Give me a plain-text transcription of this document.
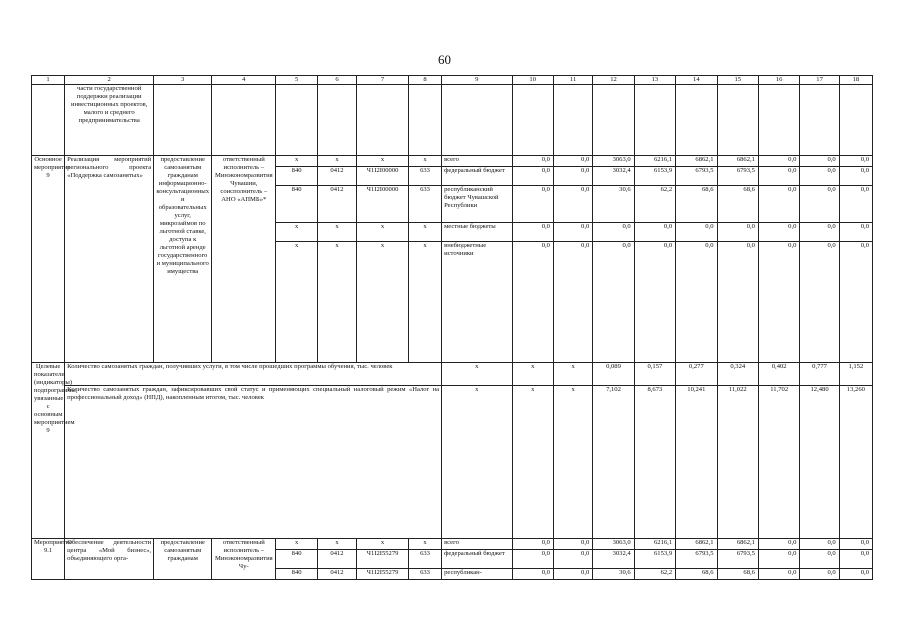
60
1	2	3	4	5	6	7	8	9	10	11	12	13	14	15	16	17	18
	части государственной поддержки реализации инвестиционных проектов, малого и среднего предпринимательства																
Основное мероприятие 9	Реализация мероприятий регионального проекта «Поддержка самозанятых»	предоставление самозанятым гражданам информационно-консультационных и образовательных услуг, микрозаймов по льготной ставке, доступа к льготной аренде государственного и муниципального имущества	ответственный исполнитель – Минэкономразвития Чувашии, соисполнитель – АНО «АПМБ»*	x	x	x	x	всего	0,0	0,0	3063,0	6216,1	6862,1	6862,1	0,0	0,0	0,0
				840	0412	Ч1I2I00000	633	федеральный бюджет	0,0	0,0	3032,4	6153,9	6793,5	6793,5	0,0	0,0	0,0
				840	0412	Ч1I2I00000	633	республиканский бюджет Чувашской Республики	0,0	0,0	30,6	62,2	68,6	68,6	0,0	0,0	0,0
				x	x	x	x	местные бюджеты	0,0	0,0	0,0	0,0	0,0	0,0	0,0	0,0	0,0
				x	x	x	x	внебюджетные источники	0,0	0,0	0,0	0,0	0,0	0,0	0,0	0,0	0,0
Целевые показатели (индикаторы) подпрограммы, увязанные с основным мероприятием 9	Количество самозанятых граждан, получивших услуги, в том числе прошедших программы обучения, тыс. человек							x	x	x	0,089	0,157	0,277	0,324	0,402	0,777	1,152
	Количество самозанятых граждан, зафиксировавших свой статус и применяющих специальный налоговый режим «Налог на профессиональный доход» (НПД), накопленным итогом, тыс. человек							x	x	x	7,102	8,673	10,241	11,022	11,702	12,480	13,260
Мероприятие 9.1	Обеспечение деятельности центра «Мой бизнес», объединяющего орга-	предоставление самозанятым гражданам	ответственный исполнитель – Минэкономразвития Чу-	x	x	x	x	всего	0,0	0,0	3063,0	6216,1	6862,1	6862,1	0,0	0,0	0,0
				840	0412	Ч1I2I55279	633	федеральный бюджет	0,0	0,0	3032,4	6153,9	6793,5	6793,5	0,0	0,0	0,0
				840	0412	Ч1I2I55279	633	республикан-	0,0	0,0	30,6	62,2	68,6	68,6	0,0	0,0	0,0
